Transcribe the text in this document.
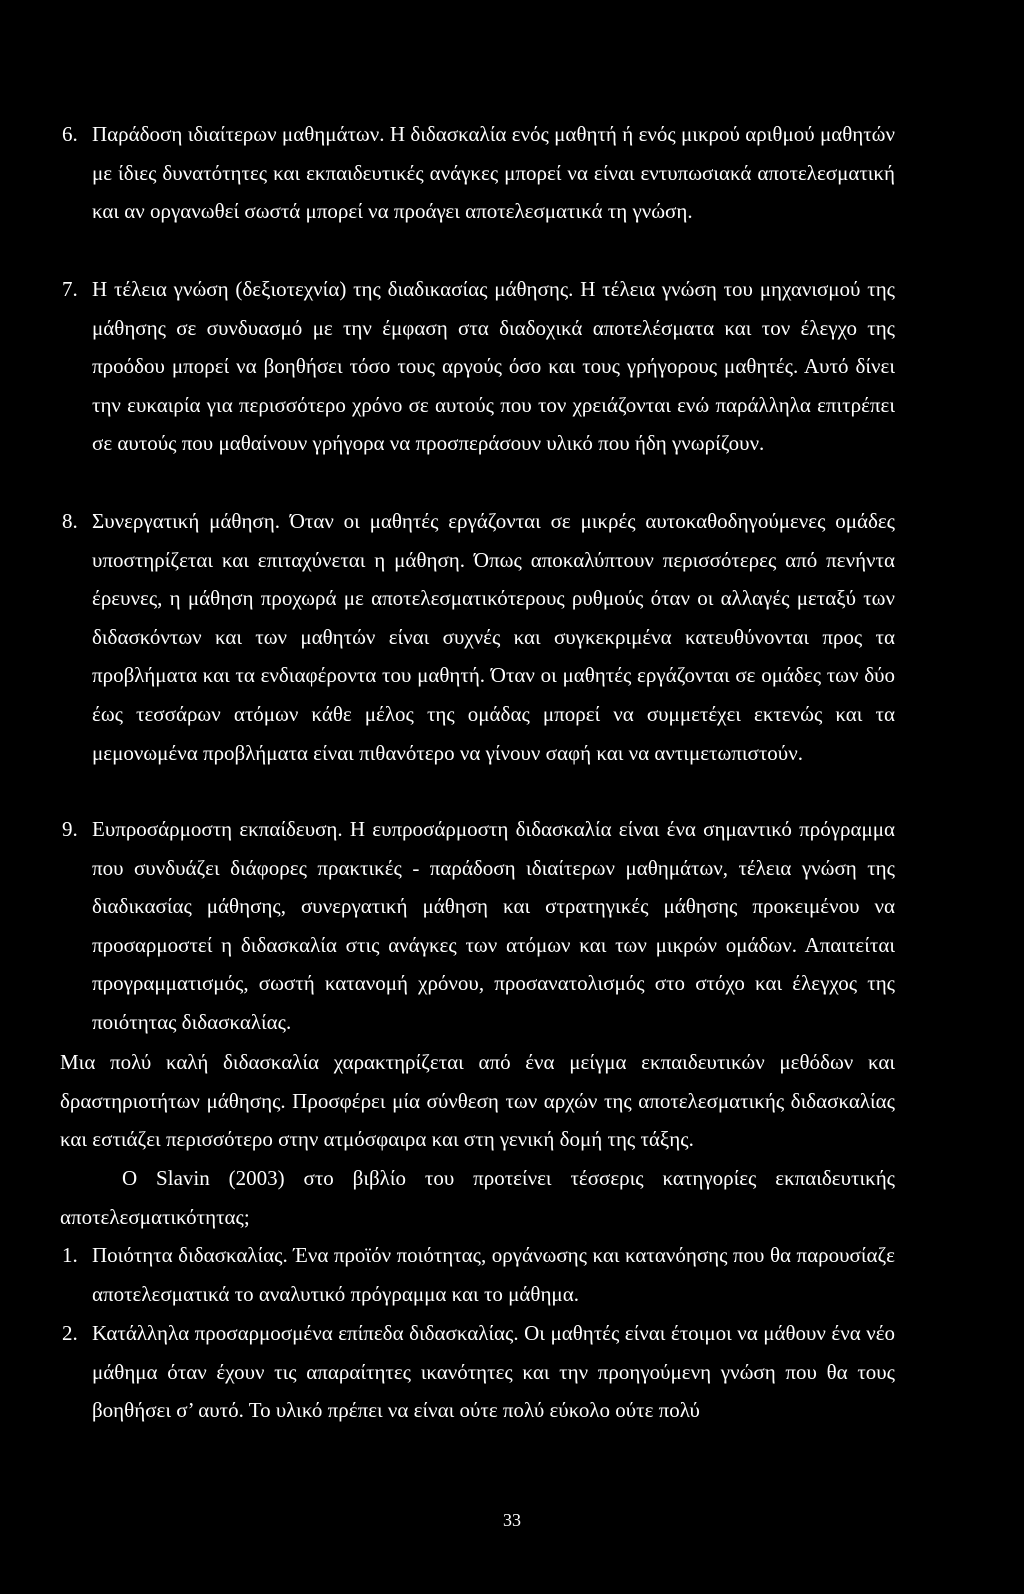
6. Παράδοση ιδιαίτερων μαθημάτων. Η διδασκαλία ενός μαθητή ή ενός μικρού αριθμού μαθητών με ίδιες δυνατότητες και εκπαιδευτικές ανάγκες μπορεί να είναι εντυπωσιακά αποτελεσματική και αν οργανωθεί σωστά μπορεί να προάγει αποτελεσματικά τη γνώση.

7. Η τέλεια γνώση (δεξιοτεχνία) της διαδικασίας μάθησης. Η τέλεια γνώση του μηχανισμού της μάθησης σε συνδυασμό με την έμφαση στα διαδοχικά αποτελέσματα και τον έλεγχο της προόδου μπορεί να βοηθήσει τόσο τους αργούς όσο και τους γρήγορους μαθητές. Αυτό δίνει την ευκαιρία για περισσότερο χρόνο σε αυτούς που τον χρειάζονται ενώ παράλληλα επιτρέπει σε αυτούς που μαθαίνουν γρήγορα να προσπεράσουν υλικό που ήδη γνωρίζουν.

8. Συνεργατική μάθηση. Όταν οι μαθητές εργάζονται σε μικρές αυτοκαθοδηγούμενες ομάδες υποστηρίζεται και επιταχύνεται η μάθηση. Όπως αποκαλύπτουν περισσότερες από πενήντα έρευνες, η μάθηση προχωρά με αποτελεσματικότερους ρυθμούς όταν οι αλλαγές μεταξύ των διδασκόντων και των μαθητών είναι συχνές και συγκεκριμένα κατευθύνονται προς τα προβλήματα και τα ενδιαφέροντα του μαθητή. Όταν οι μαθητές εργάζονται σε ομάδες των δύο έως τεσσάρων ατόμων κάθε μέλος της ομάδας μπορεί να συμμετέχει εκτενώς και τα μεμονωμένα προβλήματα είναι πιθανότερο να γίνουν σαφή και να αντιμετωπιστούν.

9. Ευπροσάρμοστη εκπαίδευση. Η ευπροσάρμοστη διδασκαλία είναι ένα σημαντικό πρόγραμμα που συνδυάζει διάφορες πρακτικές - παράδοση ιδιαίτερων μαθημάτων, τέλεια γνώση της διαδικασίας μάθησης, συνεργατική μάθηση και στρατηγικές μάθησης προκειμένου να προσαρμοστεί η διδασκαλία στις ανάγκες των ατόμων και των μικρών ομάδων. Απαιτείται προγραμματισμός, σωστή κατανομή χρόνου, προσανατολισμός στο στόχο και έλεγχος της ποιότητας διδασκαλίας.

Μια πολύ καλή διδασκαλία χαρακτηρίζεται από ένα μείγμα εκπαιδευτικών μεθόδων και δραστηριοτήτων μάθησης. Προσφέρει μία σύνθεση των αρχών της αποτελεσματικής διδασκαλίας και εστιάζει περισσότερο στην ατμόσφαιρα και στη γενική δομή της τάξης.

Ο Slavin (2003) στο βιβλίο του προτείνει τέσσερις κατηγορίες εκπαιδευτικής αποτελεσματικότητας;

1. Ποιότητα διδασκαλίας. Ένα προϊόν ποιότητας, οργάνωσης και κατανόησης που θα παρουσίαζε αποτελεσματικά το αναλυτικό πρόγραμμα και το μάθημα.

2. Κατάλληλα προσαρμοσμένα επίπεδα διδασκαλίας. Οι μαθητές είναι έτοιμοι να μάθουν ένα νέο μάθημα όταν έχουν τις απαραίτητες ικανότητες και την προηγούμενη γνώση που θα τους βοηθήσει σ’ αυτό. Το υλικό πρέπει να είναι ούτε πολύ εύκολο ούτε πολύ

33
